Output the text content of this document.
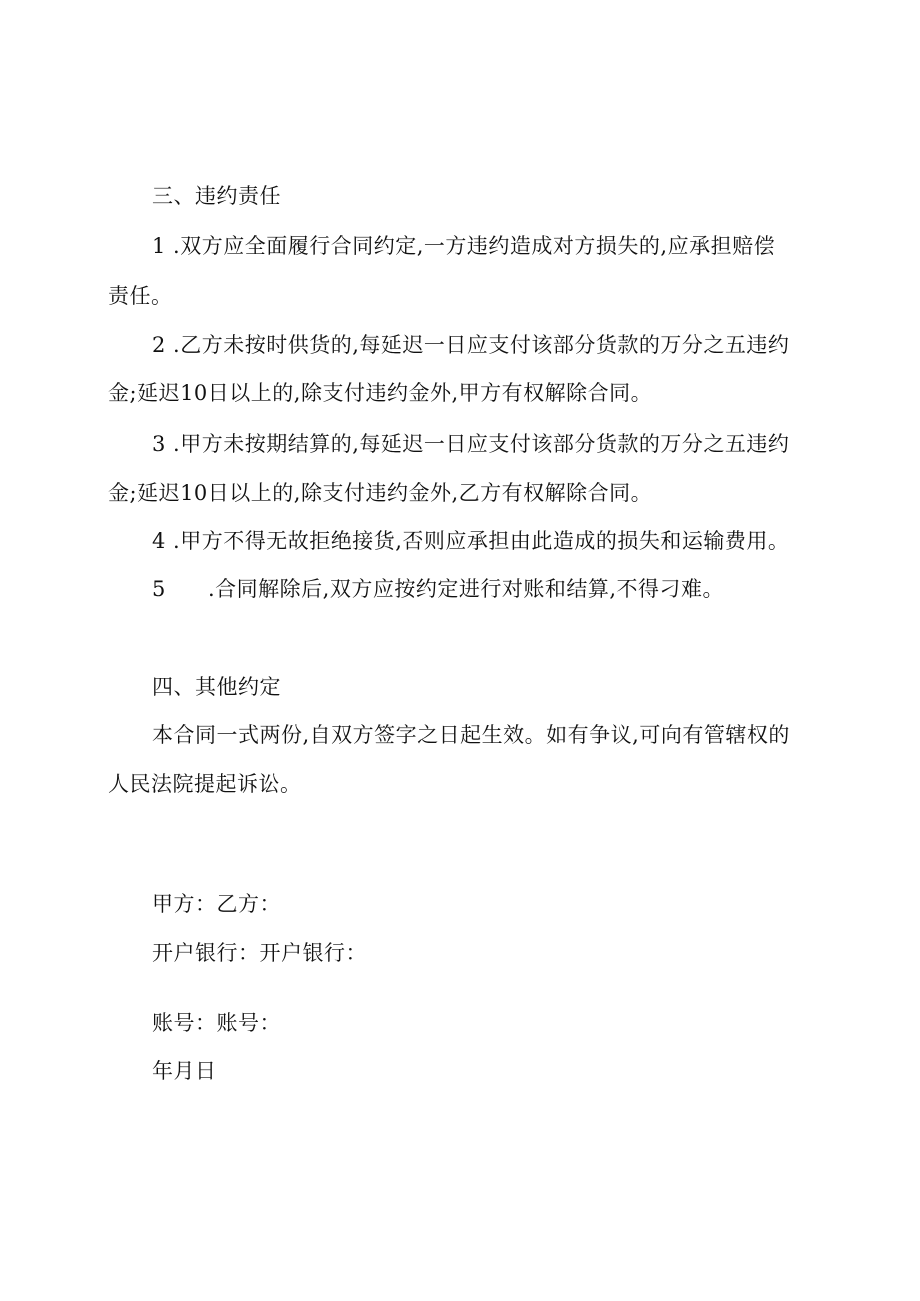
三、违约责任
1 .双方应全面履行合同约定,一方违约造成对方损失的,应承担赔偿
责任。
2 .乙方未按时供货的,每延迟一日应支付该部分货款的万分之五违约
金;延迟10日以上的,除支付违约金外,甲方有权解除合同。
3 .甲方未按期结算的,每延迟一日应支付该部分货款的万分之五违约
金;延迟10日以上的,除支付违约金外,乙方有权解除合同。
4 .甲方不得无故拒绝接货,否则应承担由此造成的损失和运输费用。
5 .合同解除后,双方应按约定进行对账和结算,不得刁难。
四、其他约定
本合同一式两份,自双方签字之日起生效。如有争议,可向有管辖权的
人民法院提起诉讼。
甲方：乙方：
开户银行：开户银行：
账号：账号：
年月日
